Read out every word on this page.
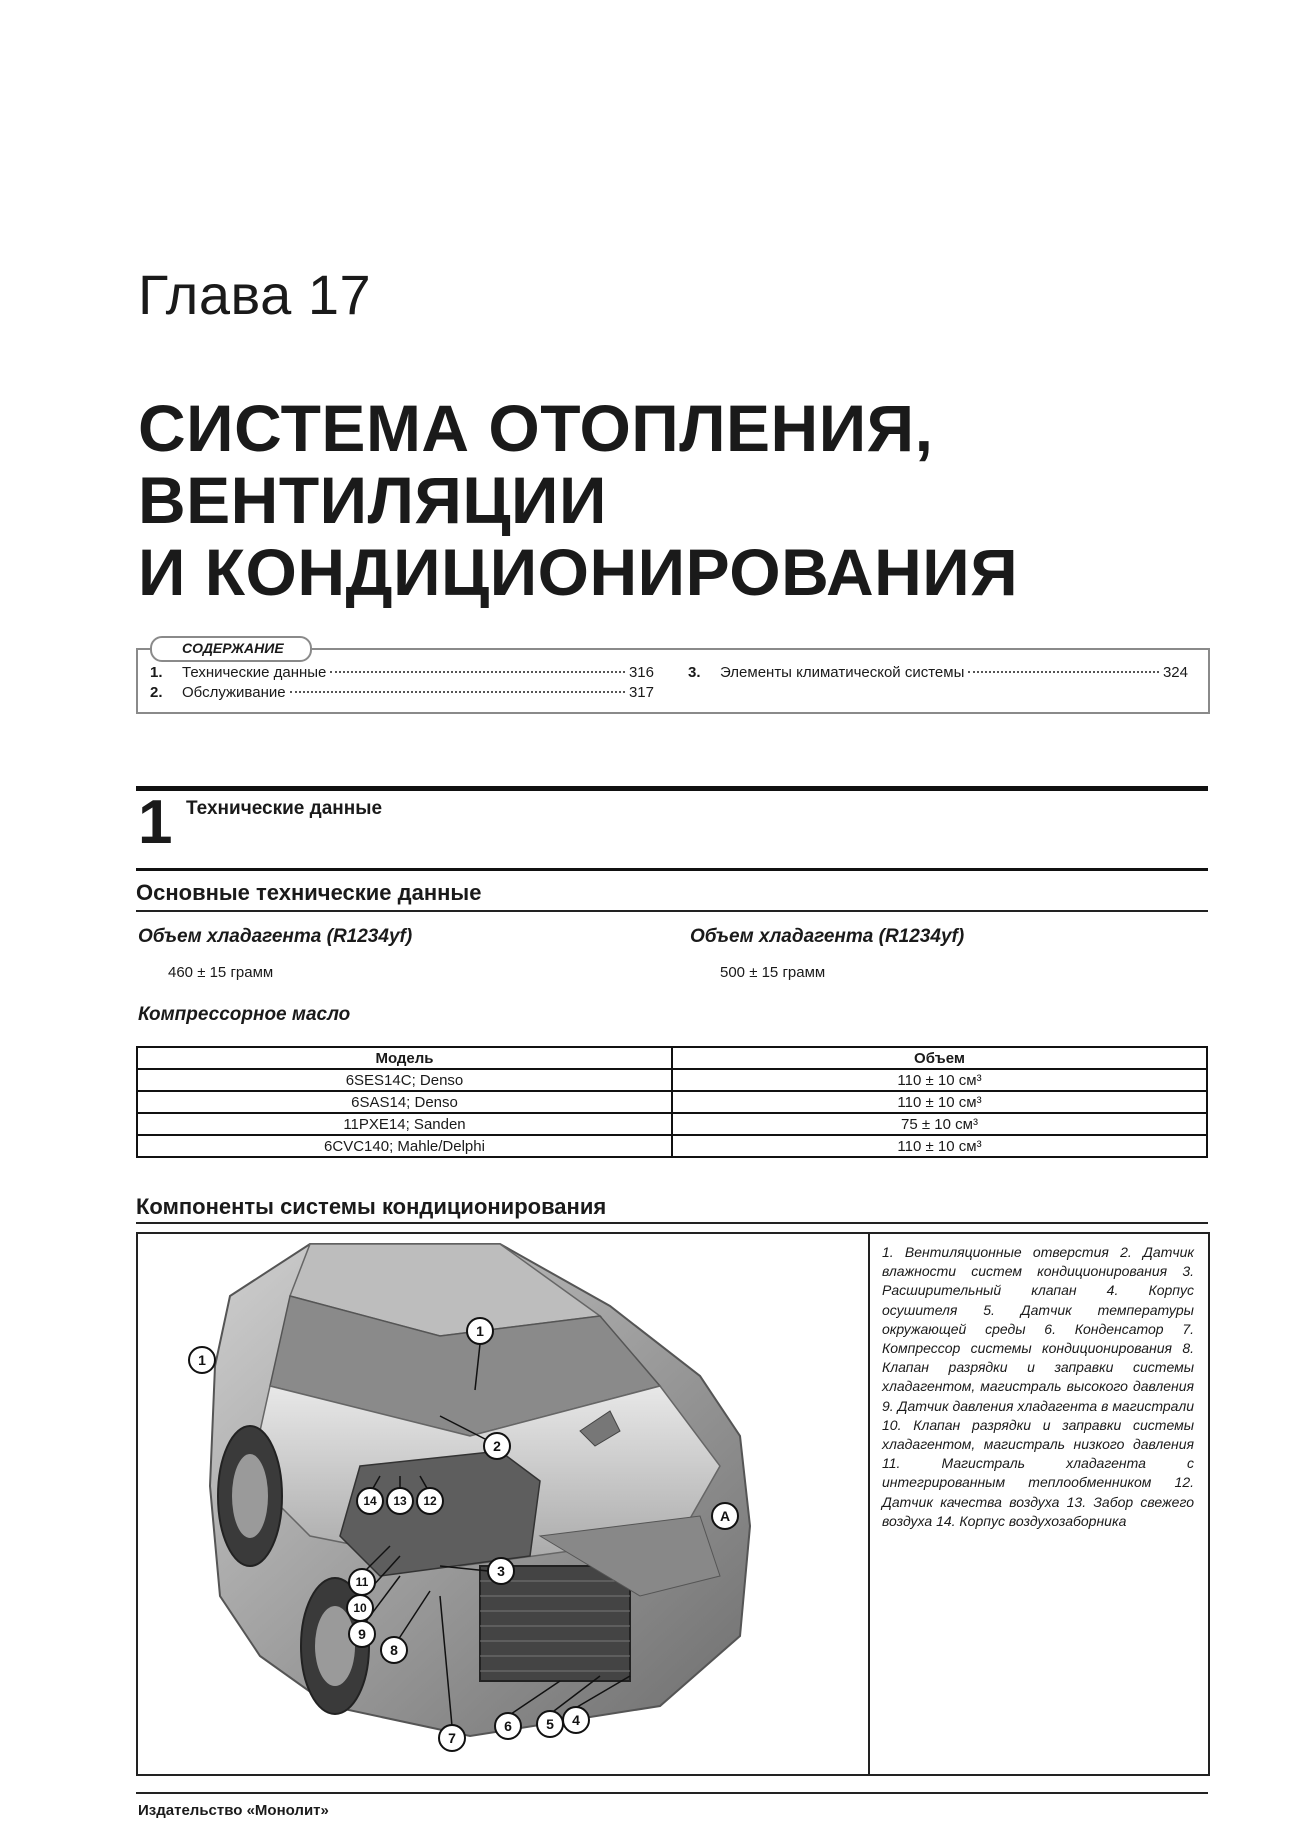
Глава 17
СИСТЕМА ОТОПЛЕНИЯ,
ВЕНТИЛЯЦИИ
И КОНДИЦИОНИРОВАНИЯ
СОДЕРЖАНИЕ
1.	Технические данные	316
2.	Обслуживание	317
3.	Элементы климатической системы	324
1 Технические данные
Основные технические данные
Объем хладагента (R1234yf)
460 ± 15 грамм
Объем хладагента (R1234yf)
500 ± 15 грамм
Компрессорное масло
Модель	Объем
6SES14C; Denso	110 ± 10 см³
6SAS14; Denso	110 ± 10 см³
11PXE14; Sanden	75 ± 10 см³
6CVC140; Mahle/Delphi	110 ± 10 см³
Компоненты системы кондиционирования
1
1
2
3
4
5
6
7
8
9
10
11
12
13
14
A
1. Вентиляционные отверстия 2. Датчик влажности систем кондиционирования 3. Расширительный клапан 4. Корпус осушителя 5. Датчик температуры окружающей среды 6. Конденсатор 7. Компрессор системы кондиционирования 8. Клапан разрядки и заправки системы хладагентом, магистраль высокого давления 9. Датчик давления хладагента в магистрали 10. Клапан разрядки и заправки системы хладагентом, магистраль низкого давления 11. Магистраль хладагента с интегрированным теплообменником 12. Датчик качества воздуха 13. Забор свежего воздуха 14. Корпус воздухозаборника
Издательство «Монолит»
